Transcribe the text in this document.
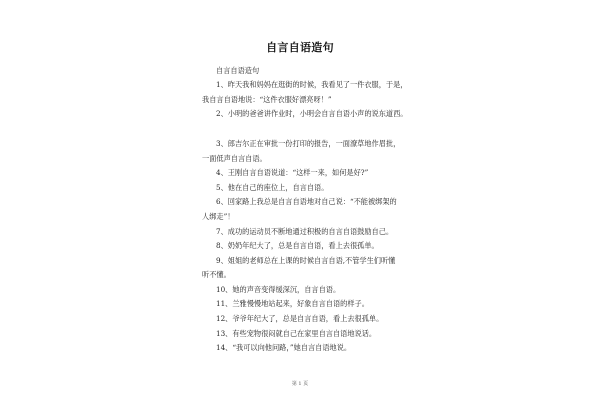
自言自语造句
自言自语造句
1、昨天我和妈妈在逛街的时候，我看见了一件衣服，于是，
我自言自语地说：“这件衣服好漂亮呀！”
2、小明的爸爸讲作业时，小明会自言自语小声的说东道西。
3、郎吉尔正在审批一份打印的报告，一面潦草地作眉批，
一面低声自言自语。
4、王刚自言自语说道：“这样一来，如何是好?”
5、他在自己的座位上，自言自语。
6、回家路上我总是自言自语地对自己说：“不能被绑架的
人绑走”！
7、成功的运动员不断地通过积极的自言自语鼓励自己。
8、奶奶年纪大了，总是自言自语，看上去很孤单。
9、姐姐的老师总在上课的时候自言自语,不管学生们听懂
听不懂。
10、她的声音变得缓深沉，自言自语。
11、兰雅慢慢地站起来，好象自言自语的样子。
12、爷爷年纪大了，总是自言自语，看上去很孤单。
13、有些宠物很闷就自己在家里自言自语地说话。
14、“我可以向他问路，”她自言自语地说。
第 1 页
